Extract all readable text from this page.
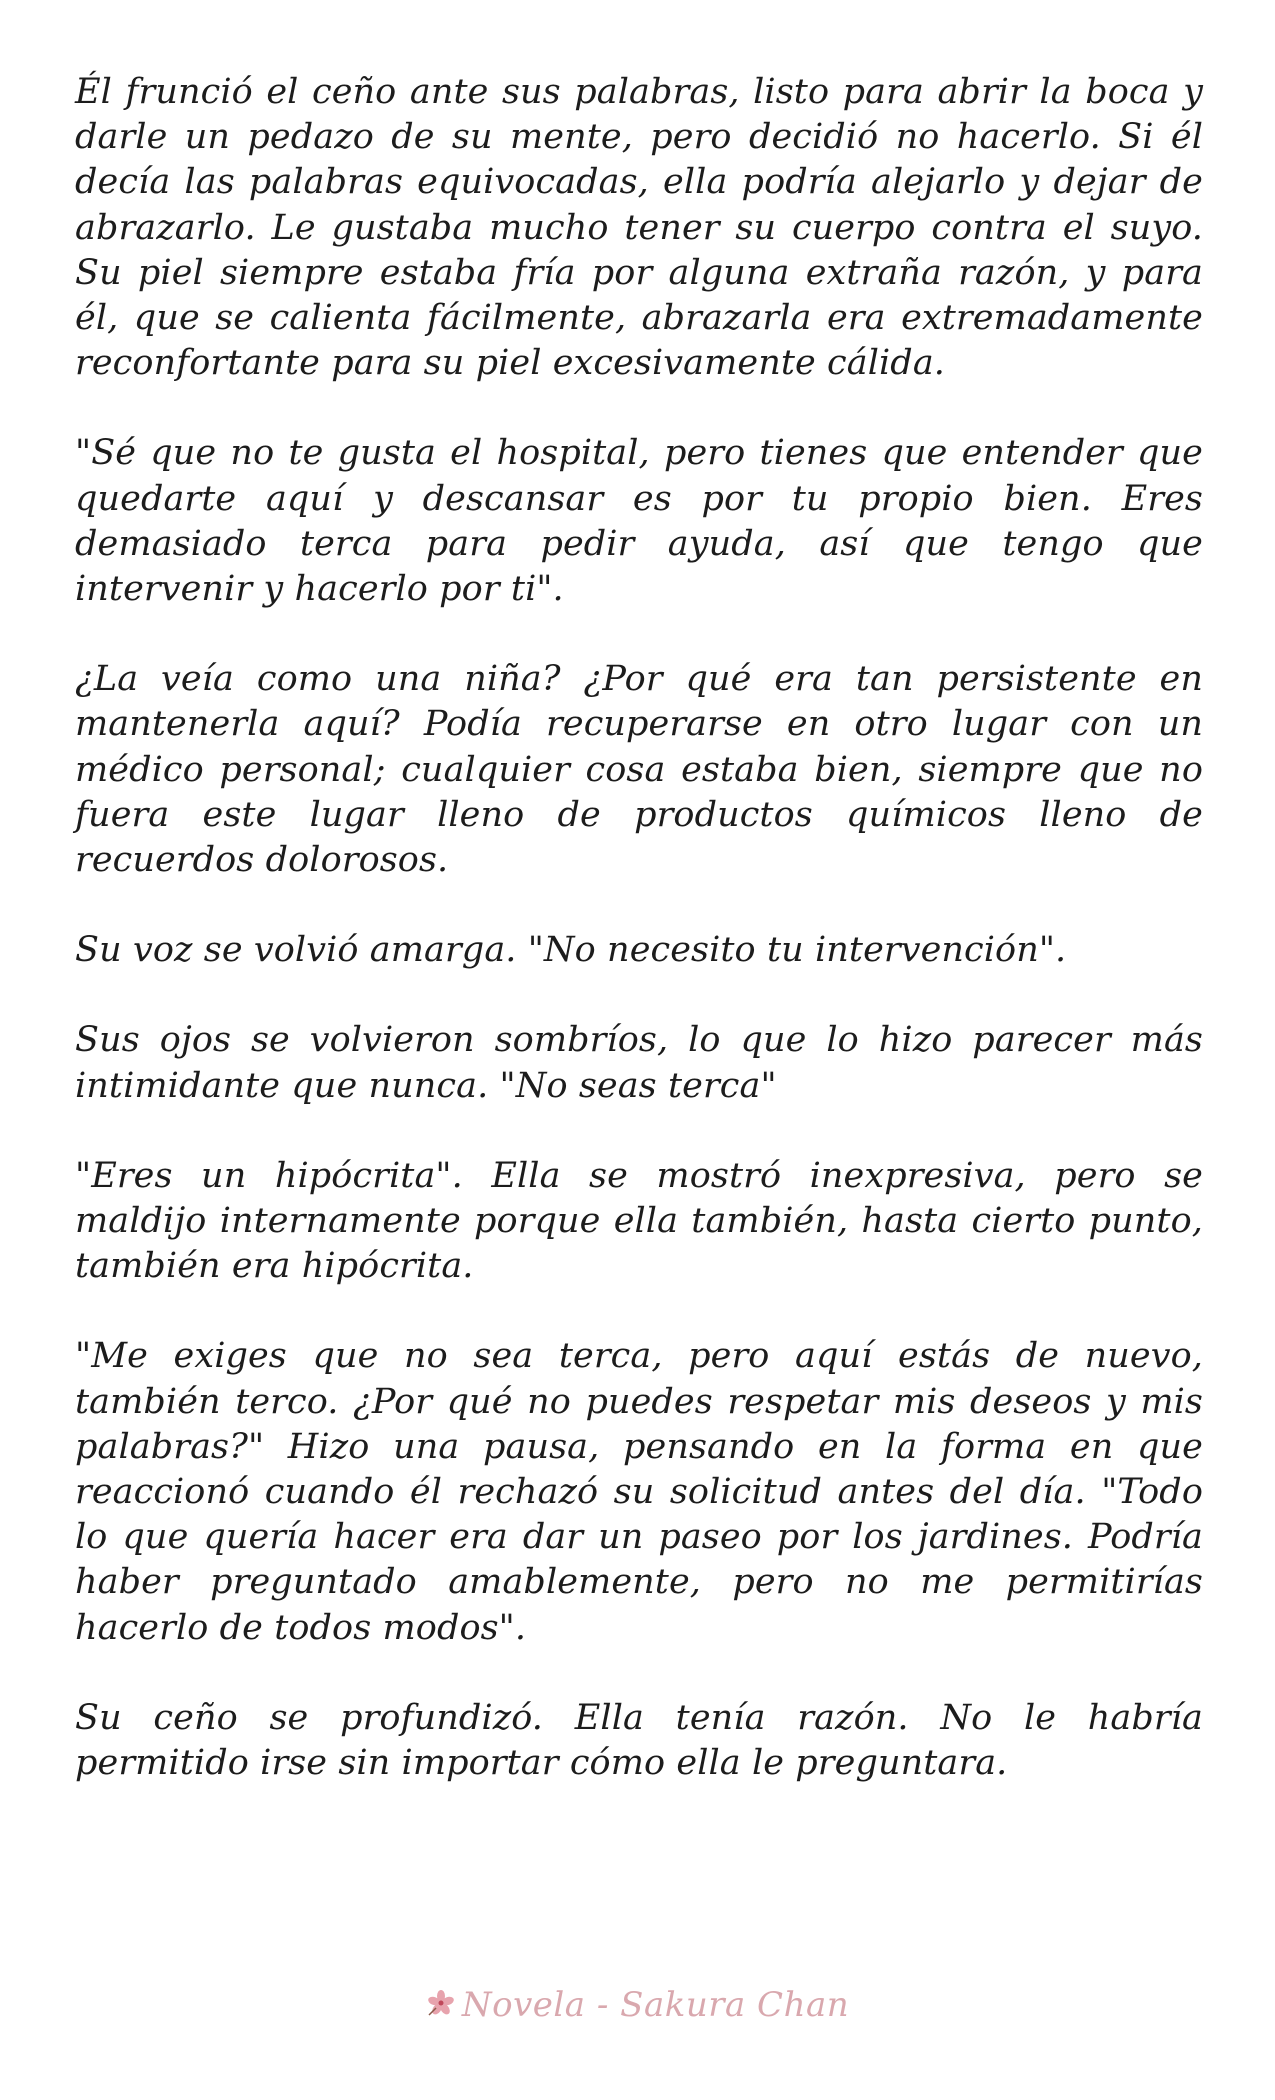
Él frunció el ceño ante sus palabras, listo para abrir la boca y darle un pedazo de su mente, pero decidió no hacerlo. Si él decía las palabras equivocadas, ella podría alejarlo y dejar de abrazarlo. Le gustaba mucho tener su cuerpo contra el suyo. Su piel siempre estaba fría por alguna extraña razón, y para él, que se calienta fácilmente, abrazarla era extremadamente reconfortante para su piel excesivamente cálida.

"Sé que no te gusta el hospital, pero tienes que entender que quedarte aquí y descansar es por tu propio bien. Eres demasiado terca para pedir ayuda, así que tengo que intervenir y hacerlo por ti".

¿La veía como una niña? ¿Por qué era tan persistente en mantenerla aquí? Podía recuperarse en otro lugar con un médico personal; cualquier cosa estaba bien, siempre que no fuera este lugar lleno de productos químicos lleno de recuerdos dolorosos.

Su voz se volvió amarga. "No necesito tu intervención".

Sus ojos se volvieron sombríos, lo que lo hizo parecer más intimidante que nunca. "No seas terca"

"Eres un hipócrita". Ella se mostró inexpresiva, pero se maldijo internamente porque ella también, hasta cierto punto, también era hipócrita.

"Me exiges que no sea terca, pero aquí estás de nuevo, también terco. ¿Por qué no puedes respetar mis deseos y mis palabras?" Hizo una pausa, pensando en la forma en que reaccionó cuando él rechazó su solicitud antes del día. "Todo lo que quería hacer era dar un paseo por los jardines. Podría haber preguntado amablemente, pero no me permitirías hacerlo de todos modos".

Su ceño se profundizó. Ella tenía razón. No le habría permitido irse sin importar cómo ella le preguntara.

Novela - Sakura Chan
